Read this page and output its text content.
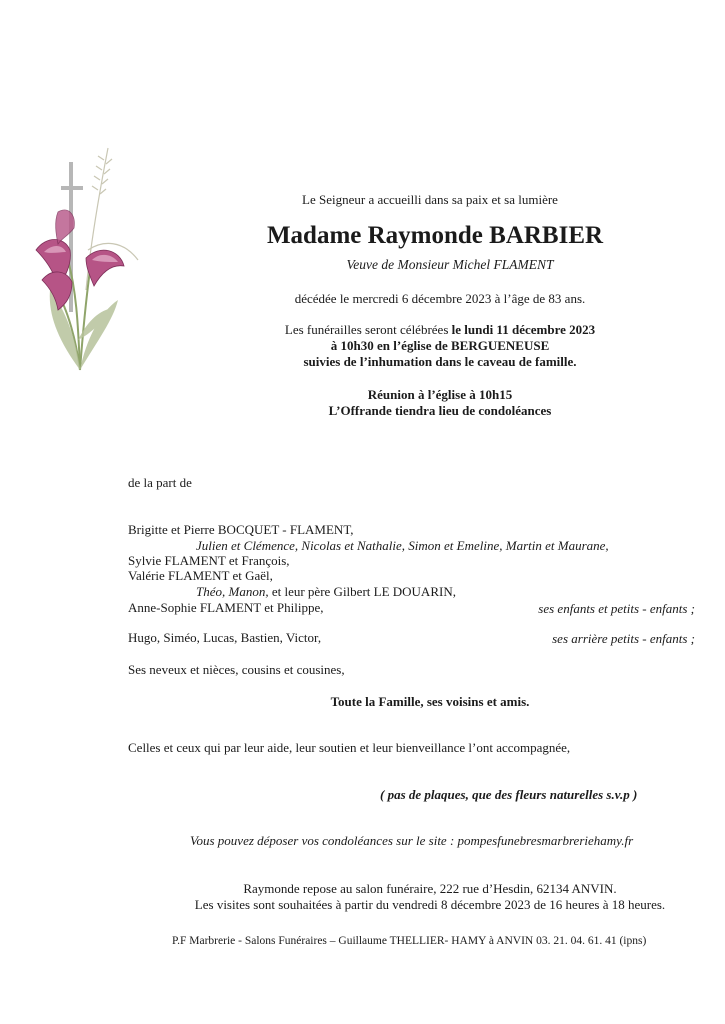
Le Seigneur a accueilli dans sa paix et sa lumière
Madame Raymonde BARBIER
Veuve de Monsieur Michel FLAMENT
décédée le mercredi 6 décembre 2023 à l’âge de 83 ans.
Les funérailles seront célébrées le lundi 11 décembre 2023
à 10h30 en l’église de BERGUENEUSE
suivies de l’inhumation dans le caveau de famille.
Réunion à l’église à 10h15
L’Offrande tiendra lieu de condoléances
de la part de
Brigitte et Pierre BOCQUET - FLAMENT,
Julien et Clémence, Nicolas et Nathalie, Simon et Emeline, Martin et Maurane,
Sylvie FLAMENT et François,
Valérie FLAMENT et Gaël,
Théo, Manon, et leur père Gilbert LE DOUARIN,
Anne-Sophie FLAMENT et Philippe,	ses enfants et petits - enfants ;
Hugo, Siméo, Lucas, Bastien, Victor,	ses arrière petits - enfants ;
Ses neveux et nièces, cousins et cousines,
Toute la Famille, ses voisins et amis.
Celles et ceux qui par leur aide, leur soutien et leur bienveillance l’ont accompagnée,
( pas de plaques, que des fleurs naturelles s.v.p )
Vous pouvez déposer vos condoléances sur le site : pompesfunebresmarbreriehamy.fr
Raymonde repose au salon funéraire, 222 rue d’Hesdin, 62134 ANVIN.
Les visites sont souhaitées à partir du vendredi 8 décembre 2023 de 16 heures à 18 heures.
P.F Marbrerie - Salons Funéraires – Guillaume THELLIER- HAMY à ANVIN 03. 21. 04. 61. 41 (ipns)
